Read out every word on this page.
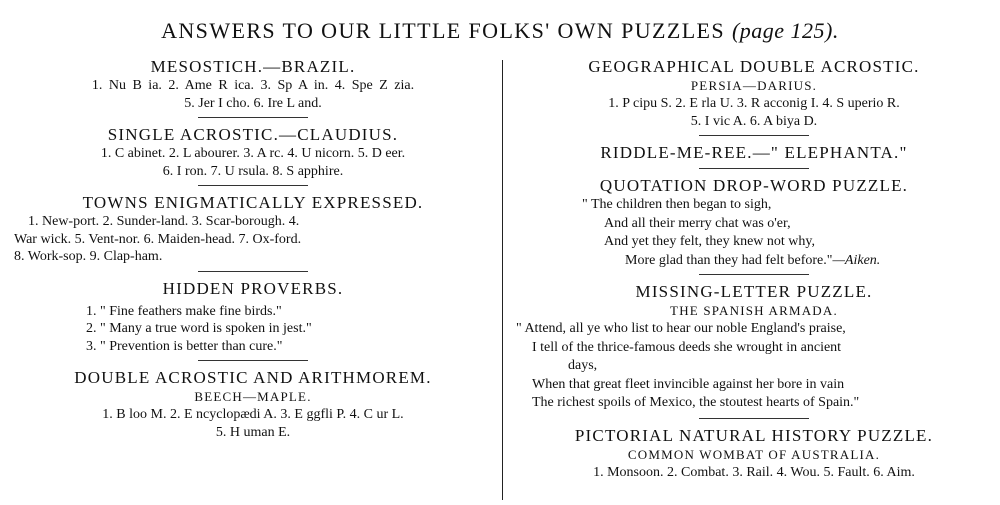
ANSWERS TO OUR LITTLE FOLKS' OWN PUZZLES (page 125).
MESOSTICH.—BRAZIL.
1. Nu B ia. 2. Ame R ica. 3. Sp A in. 4. Spe Z zia.
5. Jer I cho. 6. Ire L and.
SINGLE ACROSTIC.—CLAUDIUS.
1. C abinet. 2. L abourer. 3. A rc. 4. U nicorn. 5. D eer.
6. I ron. 7. U rsula. 8. S apphire.
TOWNS ENIGMATICALLY EXPRESSED.
1. New-port. 2. Sunder-land. 3. Scar-borough. 4.
War wick. 5. Vent-nor. 6. Maiden-head. 7. Ox-ford.
8. Work-sop. 9. Clap-ham.
HIDDEN PROVERBS.
1. " Fine feathers make fine birds."
2. " Many a true word is spoken in jest."
3. " Prevention is better than cure."
DOUBLE ACROSTIC AND ARITHMOREM.
BEECH—MAPLE.
1. B loo M. 2. E ncyclopædi A. 3. E ggfli P. 4. C ur L.
5. H uman E.
GEOGRAPHICAL DOUBLE ACROSTIC.
PERSIA—DARIUS.
1. P cipu S. 2. E rla U. 3. R acconig I. 4. S uperio R.
5. I vic A. 6. A biya D.
RIDDLE-ME-REE.—" ELEPHANTA."
QUOTATION DROP-WORD PUZZLE.
" The children then began to sigh,
And all their merry chat was o'er,
And yet they felt, they knew not why,
More glad than they had felt before."—Aiken.
MISSING-LETTER PUZZLE.
THE SPANISH ARMADA.
" Attend, all ye who list to hear our noble England's praise,
I tell of the thrice-famous deeds she wrought in ancient
days,
When that great fleet invincible against her bore in vain
The richest spoils of Mexico, the stoutest hearts of Spain."
PICTORIAL NATURAL HISTORY PUZZLE.
COMMON WOMBAT OF AUSTRALIA.
1. Monsoon. 2. Combat. 3. Rail. 4. Wou. 5. Fault. 6. Aim.
